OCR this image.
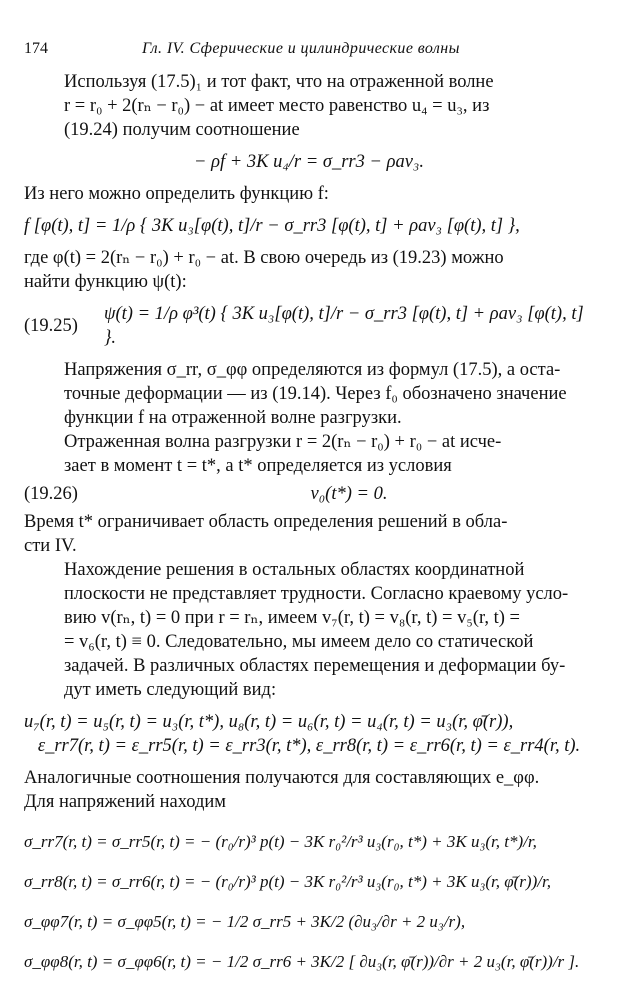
174	Гл. IV. Сферические и цилиндрические волны

Используя (17.5)₁ и тот факт, что на отраженной волне
r = r₀ + 2(rₙ − r₀) − at имеет место равенство u₄ = u₃, из
(19.24) получим соотношение

− ρf + 3K u₄/r = σ_rr3 − ρav₃.

Из него можно определить функцию f:

f [φ(t), t] = 1/ρ { 3K u₃[φ(t), t]/r − σ_rr3 [φ(t), t] + ρav₃ [φ(t), t] },

где φ(t) = 2(rₙ − r₀) + r₀ − at. В свою очередь из (19.23) можно
найти функцию ψ(t):

(19.25)
ψ(t) = 1/ρ φ³(t) { 3K u₃[φ(t), t]/r − σ_rr3 [φ(t), t] + ρav₃ [φ(t), t] }.

Напряжения σ_rr, σ_φφ определяются из формул (17.5), а оста-
точные деформации — из (19.14). Через f₀ обозначено значение
функции f на отраженной волне разгрузки.

Отраженная волна разгрузки r = 2(rₙ − r₀) + r₀ − at исче-
зает в момент t = t*, а t* определяется из условия

(19.26)	v₀(t*) = 0.

Время t* ограничивает область определения решений в обла-
сти IV.

Нахождение решения в остальных областях координатной
плоскости не представляет трудности. Согласно краевому усло-
вию v(rₙ, t) = 0 при r = rₙ, имеем v₇(r, t) = v₈(r, t) = v₅(r, t) =
= v₆(r, t) ≡ 0. Следовательно, мы имеем дело со статической
задачей. В различных областях перемещения и деформации бу-
дут иметь следующий вид:

u₇(r, t) = u₅(r, t) = u₃(r, t*), u₈(r, t) = u₆(r, t) = u₄(r, t) = u₃(r, φ̄(r)),
ε_rr7(r, t) = ε_rr5(r, t) = ε_rr3(r, t*), ε_rr8(r, t) = ε_rr6(r, t) = ε_rr4(r, t).

Аналогичные соотношения получаются для составляющих e_φφ.
Для напряжений находим

σ_rr7(r, t) = σ_rr5(r, t) = − (r₀/r)³ p(t) − 3K r₀²/r³ u₃(r₀, t*) + 3K u₃(r, t*)/r,
σ_rr8(r, t) = σ_rr6(r, t) = − (r₀/r)³ p(t) − 3K r₀²/r³ u₃(r₀, t*) + 3K u₃(r, φ̄(r))/r,
σ_φφ7(r, t) = σ_φφ5(r, t) = − 1/2 σ_rr5 + 3K/2 (∂u₃/∂r + 2 u₃/r),
σ_φφ8(r, t) = σ_φφ6(r, t) = − 1/2 σ_rr6 + 3K/2 [ ∂u₃(r, φ̄(r))/∂r + 2 u₃(r, φ̄(r))/r ].
